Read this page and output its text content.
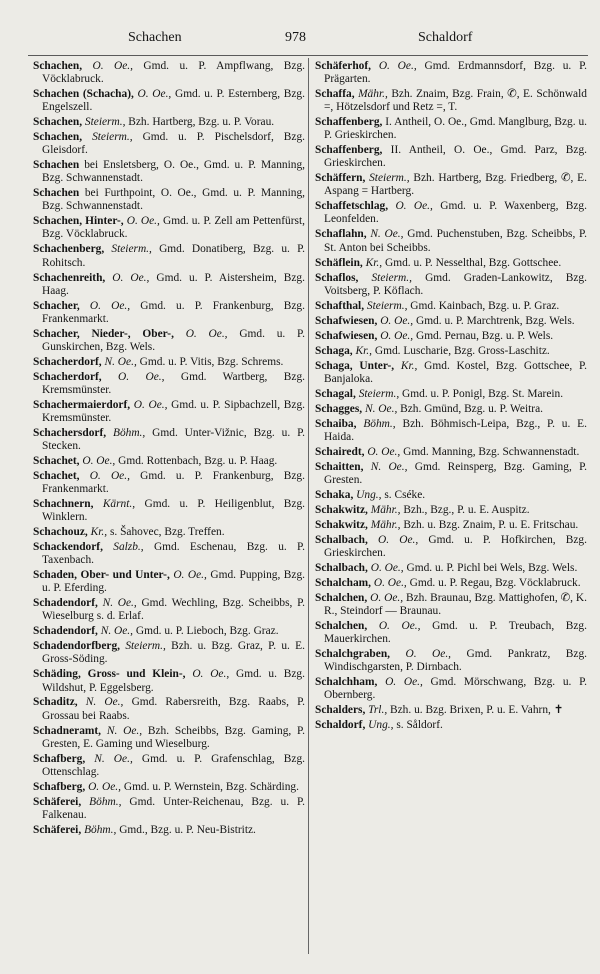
Schachen	978	Schaldorf

Schachen, O. Oe., Gmd. u. P. Ampflwang, Bzg. Vöcklabruck.

Schachen (Schacha), O. Oe., Gmd. u. P. Esternberg, Bzg. Engelszell.

Schachen, Steierm., Bzh. Hartberg, Bzg. u. P. Vorau.

Schachen, Steierm., Gmd. u. P. Pischelsdorf, Bzg. Gleisdorf.

Schachen bei Ensletsberg, O. Oe., Gmd. u. P. Manning, Bzg. Schwannenstadt.

Schachen bei Furthpoint, O. Oe., Gmd. u. P. Manning, Bzg. Schwannenstadt.

Schachen, Hinter-, O. Oe., Gmd. u. P. Zell am Pettenfürst, Bzg. Vöcklabruck.

Schachenberg, Steierm., Gmd. Donatiberg, Bzg. u. P. Rohitsch.

Schachenreith, O. Oe., Gmd. u. P. Aistersheim, Bzg. Haag.

Schacher, O. Oe., Gmd. u. P. Frankenburg, Bzg. Frankenmarkt.

Schacher, Nieder-, Ober-, O. Oe., Gmd. u. P. Gunskirchen, Bzg. Wels.

Schacherdorf, N. Oe., Gmd. u. P. Vitis, Bzg. Schrems.

Schacherdorf, O. Oe., Gmd. Wartberg, Bzg. Kremsmünster.

Schachermaierdorf, O. Oe., Gmd. u. P. Sipbachzell, Bzg. Kremsmünster.

Schachersdorf, Böhm., Gmd. Unter-Vižnic, Bzg. u. P. Stecken.

Schachet, O. Oe., Gmd. Rottenbach, Bzg. u. P. Haag.

Schachet, O. Oe., Gmd. u. P. Frankenburg, Bzg. Frankenmarkt.

Schachnern, Kärnt., Gmd. u. P. Heiligenblut, Bzg. Winklern.

Schachouz, Kr., s. Šahovec, Bzg. Treffen.

Schackendorf, Salzb., Gmd. Eschenau, Bzg. u. P. Taxenbach.

Schaden, Ober- und Unter-, O. Oe., Gmd. Pupping, Bzg. u. P. Eferding.

Schadendorf, N. Oe., Gmd. Wechling, Bzg. Scheibbs, P. Wieselburg s. d. Erlaf.

Schadendorf, N. Oe., Gmd. u. P. Lieboch, Bzg. Graz.

Schadendorfberg, Steierm., Bzh. u. Bzg. Graz, P. u. E. Gross-Söding.

Schäding, Gross- und Klein-, O. Oe., Gmd. u. Bzg. Wildshut, P. Eggelsberg.

Schaditz, N. Oe., Gmd. Rabersreith, Bzg. Raabs, P. Grossau bei Raabs.

Schadneramt, N. Oe., Bzh. Scheibbs, Bzg. Gaming, P. Gresten, E. Gaming und Wieselburg.

Schafberg, N. Oe., Gmd. u. P. Grafenschlag, Bzg. Ottenschlag.

Schafberg, O. Oe., Gmd. u. P. Wernstein, Bzg. Schärding.

Schäferei, Böhm., Gmd. Unter-Reichenau, Bzg. u. P. Falkenau.

Schäferei, Böhm., Gmd., Bzg. u. P. Neu-Bistritz.

Schäferhof, O. Oe., Gmd. Erdmannsdorf, Bzg. u. P. Prägarten.

Schaffa, Mähr., Bzh. Znaim, Bzg. Frain, ✆, E. Schönwald =, Hötzelsdorf und Retz =, T.

Schaffenberg, I. Antheil, O. Oe., Gmd. Manglburg, Bzg. u. P. Grieskirchen.

Schaffenberg, II. Antheil, O. Oe., Gmd. Parz, Bzg. Grieskirchen.

Schäffern, Steierm., Bzh. Hartberg, Bzg. Friedberg, ✆, E. Aspang = Hartberg.

Schaffetschlag, O. Oe., Gmd. u. P. Waxenberg, Bzg. Leonfelden.

Schaflahn, N. Oe., Gmd. Puchenstuben, Bzg. Scheibbs, P. St. Anton bei Scheibbs.

Schäflein, Kr., Gmd. u. P. Nesselthal, Bzg. Gottschee.

Schaflos, Steierm., Gmd. Graden-Lankowitz, Bzg. Voitsberg, P. Köflach.

Schafthal, Steierm., Gmd. Kainbach, Bzg. u. P. Graz.

Schafwiesen, O. Oe., Gmd. u. P. Marchtrenk, Bzg. Wels.

Schafwiesen, O. Oe., Gmd. Pernau, Bzg. u. P. Wels.

Schaga, Kr., Gmd. Luscharie, Bzg. Gross-Laschitz.

Schaga, Unter-, Kr., Gmd. Kostel, Bzg. Gottschee, P. Banjaloka.

Schagal, Steierm., Gmd. u. P. Ponigl, Bzg. St. Marein.

Schagges, N. Oe., Bzh. Gmünd, Bzg. u. P. Weitra.

Schaiba, Böhm., Bzh. Böhmisch-Leipa, Bzg., P. u. E. Haida.

Schairedt, O. Oe., Gmd. Manning, Bzg. Schwannenstadt.

Schaitten, N. Oe., Gmd. Reinsperg, Bzg. Gaming, P. Gresten.

Schaka, Ung., s. Cséke.

Schakwitz, Mähr., Bzh., Bzg., P. u. E. Auspitz.

Schakwitz, Mähr., Bzh. u. Bzg. Znaim, P. u. E. Fritschau.

Schalbach, O. Oe., Gmd. u. P. Hofkirchen, Bzg. Grieskirchen.

Schalbach, O. Oe., Gmd. u. P. Pichl bei Wels, Bzg. Wels.

Schalcham, O. Oe., Gmd. u. P. Regau, Bzg. Vöcklabruck.

Schalchen, O. Oe., Bzh. Braunau, Bzg. Mattighofen, ✆, K. R., Steindorf — Braunau.

Schalchen, O. Oe., Gmd. u. P. Treubach, Bzg. Mauerkirchen.

Schalchgraben, O. Oe., Gmd. Pankratz, Bzg. Windischgarsten, P. Dirnbach.

Schalchham, O. Oe., Gmd. Mörschwang, Bzg. u. P. Obernberg.

Schalders, Trl., Bzh. u. Bzg. Brixen, P. u. E. Vahrn, ✝

Schaldorf, Ung., s. Såldorf.
